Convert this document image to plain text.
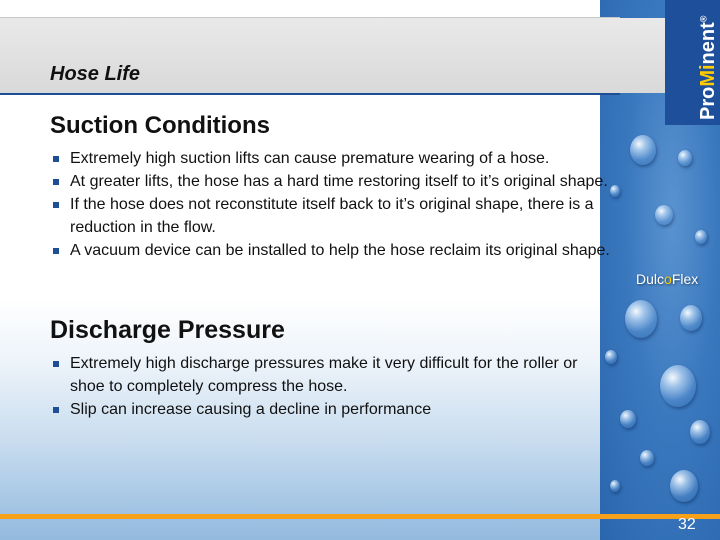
ProMinent®
Hose Life
Suction Conditions
Extremely high suction lifts can cause premature wearing of a hose.
At greater lifts, the hose has a hard time restoring itself to it’s original shape.
If the hose does not reconstitute itself back to it’s original shape, there is a reduction in the flow.
A vacuum device can be installed to help the hose reclaim its original shape.
Discharge Pressure
Extremely high discharge pressures make it very difficult for the roller or shoe to completely compress the hose.
Slip can increase causing a decline in performance
DulcoFlex
32
